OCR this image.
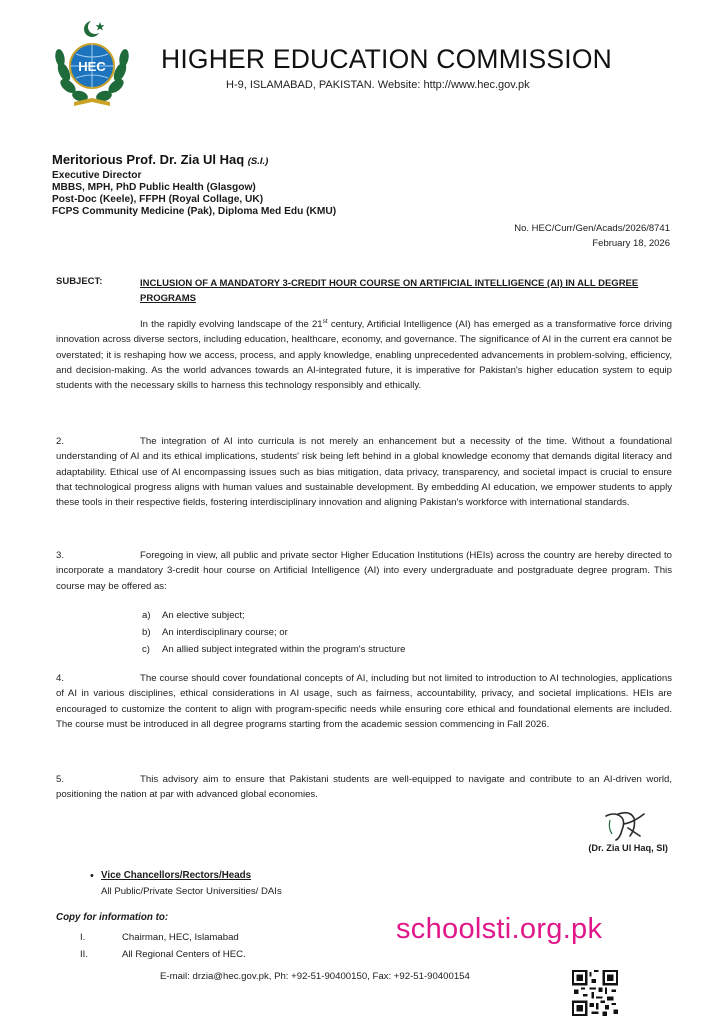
HEC HIGHER EDUCATION COMMISSION
H-9, ISLAMABAD, PAKISTAN. Website: http://www.hec.gov.pk
Meritorious Prof. Dr. Zia Ul Haq (S.I.)
Executive Director
MBBS, MPH, PhD Public Health (Glasgow)
Post-Doc (Keele), FFPH (Royal Collage, UK)
FCPS Community Medicine (Pak), Diploma Med Edu (KMU)
No. HEC/Curr/Gen/Acads/2026/8741
February 18, 2026
SUBJECT:	INCLUSION OF A MANDATORY 3-CREDIT HOUR COURSE ON ARTIFICIAL INTELLIGENCE (AI) IN ALL DEGREE PROGRAMS
In the rapidly evolving landscape of the 21st century, Artificial Intelligence (AI) has emerged as a transformative force driving innovation across diverse sectors, including education, healthcare, economy, and governance. The significance of AI in the current era cannot be overstated; it is reshaping how we access, process, and apply knowledge, enabling unprecedented advancements in problem-solving, efficiency, and decision-making. As the world advances towards an AI-integrated future, it is imperative for Pakistan's higher education system to equip students with the necessary skills to harness this technology responsibly and ethically.
2.	The integration of AI into curricula is not merely an enhancement but a necessity of the time. Without a foundational understanding of AI and its ethical implications, students' risk being left behind in a global knowledge economy that demands digital literacy and adaptability. Ethical use of AI encompassing issues such as bias mitigation, data privacy, transparency, and societal impact is crucial to ensure that technological progress aligns with human values and sustainable development. By embedding AI education, we empower students to apply these tools in their respective fields, fostering interdisciplinary innovation and aligning Pakistan's workforce with international standards.
3.	Foregoing in view, all public and private sector Higher Education Institutions (HEIs) across the country are hereby directed to incorporate a mandatory 3-credit hour course on Artificial Intelligence (AI) into every undergraduate and postgraduate degree program. This course may be offered as:
a) An elective subject;
b) An interdisciplinary course; or
c) An allied subject integrated within the program's structure
4.	The course should cover foundational concepts of AI, including but not limited to introduction to AI technologies, applications of AI in various disciplines, ethical considerations in AI usage, such as fairness, accountability, privacy, and societal implications. HEIs are encouraged to customize the content to align with program-specific needs while ensuring core ethical and foundational elements are included. The course must be introduced in all degree programs starting from the academic session commencing in Fall 2026.
5.	This advisory aim to ensure that Pakistani students are well-equipped to navigate and contribute to an AI-driven world, positioning the nation at par with advanced global economies.
(Dr. Zia Ul Haq, SI)
• Vice Chancellors/Rectors/Heads
All Public/Private Sector Universities/ DAIs
Copy for information to:
I.	Chairman, HEC, Islamabad
II.	All Regional Centers of HEC.
schoolsti.org.pk
E-mail: drzia@hec.gov.pk, Ph: +92-51-90400150, Fax: +92-51-90400154
